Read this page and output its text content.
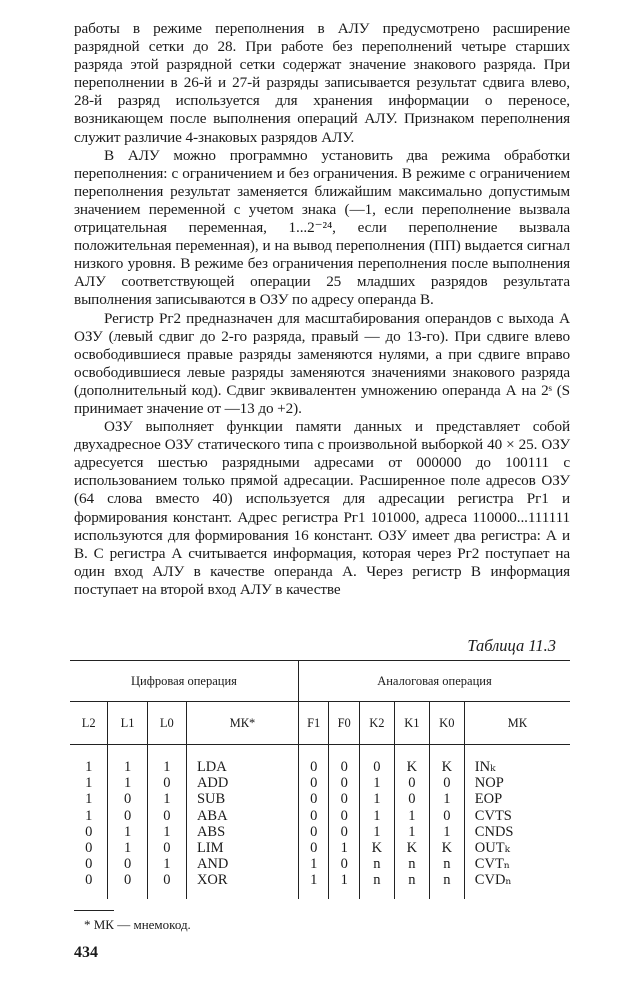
работы в режиме переполнения в АЛУ предусмотрено расширение разрядной сетки до 28. При работе без переполнений четыре старших разряда этой разрядной сетки содержат значение знакового разряда. При переполнении в 26-й и 27-й разряды записывается результат сдвига влево, 28-й разряд используется для хранения информации о переносе, возникающем после выполнения операций АЛУ. Признаком переполнения служит различие 4-знаковых разрядов АЛУ.

В АЛУ можно программно установить два режима обработки переполнения: с ограничением и без ограничения. В режиме с ограничением переполнения результат заменяется ближайшим максимально допустимым значением переменной с учетом знака (—1, если переполнение вызвала отрицательная переменная, 1...2⁻²⁴, если переполнение вызвала положительная переменная), и на вывод переполнения (ПП) выдается сигнал низкого уровня. В режиме без ограничения переполнения после выполнения АЛУ соответствующей операции 25 младших разрядов результата выполнения записываются в ОЗУ по адресу операнда В.

Регистр Рг2 предназначен для масштабирования операндов с выхода А ОЗУ (левый сдвиг до 2-го разряда, правый — до 13-го). При сдвиге влево освободившиеся правые разряды заменяются нулями, а при сдвиге вправо освободившиеся левые разряды заменяются значениями знакового разряда (дополнительный код). Сдвиг эквивалентен умножению операнда А на 2ˢ (S принимает значение от —13 до +2).

ОЗУ выполняет функции памяти данных и представляет собой двухадресное ОЗУ статического типа с произвольной выборкой 40 × 25. ОЗУ адресуется шестью разрядными адресами от 000000 до 100111 с использованием только прямой адресации. Расширенное поле адресов ОЗУ (64 слова вместо 40) используется для адресации регистра Рг1 и формирования констант. Адрес регистра Рг1 101000, адреса 110000...111111 используются для формирования 16 констант. ОЗУ имеет два регистра: А и В. С регистра А считывается информация, которая через Рг2 поступает на один вход АЛУ в качестве операнда А. Через регистр В информация поступает на второй вход АЛУ в качестве

Таблица 11.3
Цифровая операция				Аналоговая операция					
L2	L1	L0	МК*	F1	F0	K2	K1	K0	МК
1	1	1	LDA	0	0	0	K	K	INₖ
1	1	0	ADD	0	0	1	0	0	NOP
1	0	1	SUB	0	0	1	0	1	EOP
1	0	0	ABA	0	0	1	1	0	CVTS
0	1	1	ABS	0	0	1	1	1	CNDS
0	1	0	LIM	0	1	K	K	K	OUTₖ
0	0	1	AND	1	0	n	n	n	CVTₙ
0	0	0	XOR	1	1	n	n	n	CVDₙ
* МК — мнемокод.
434
